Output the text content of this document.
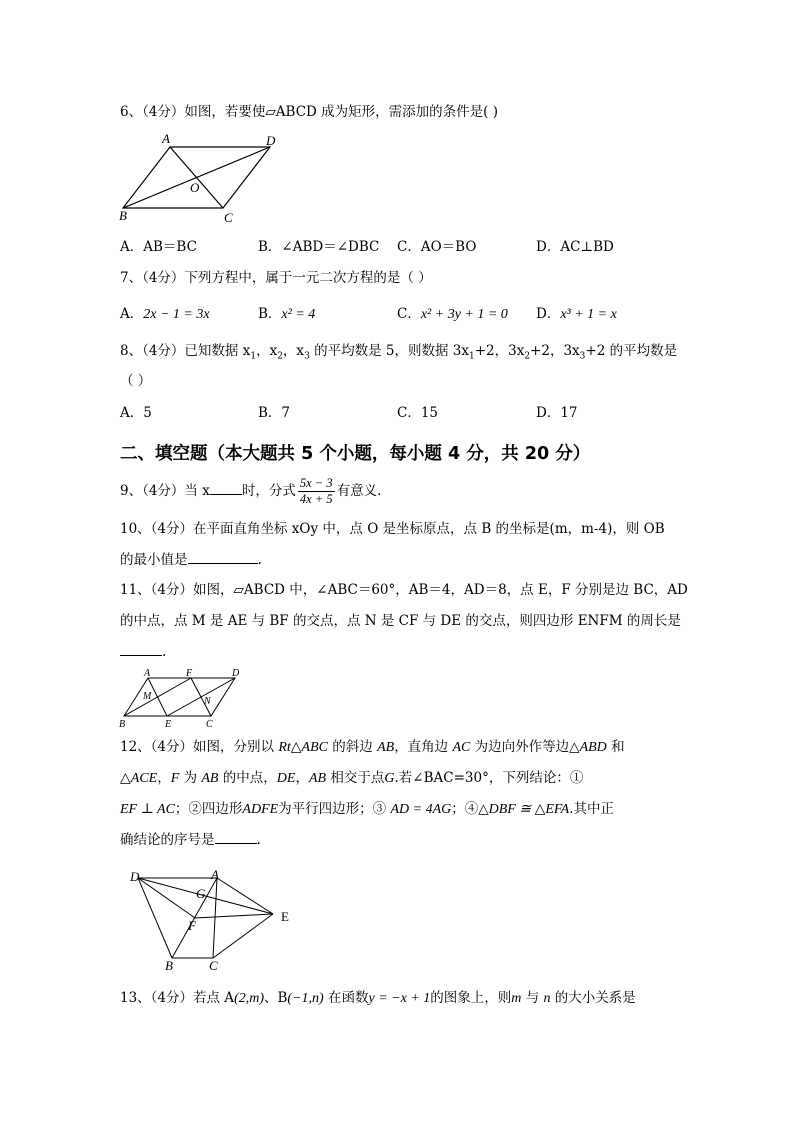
6、（4分）如图，若要使▱ABCD 成为矩形，需添加的条件是( )
A	D
O
B	C
A．AB＝BC	B．∠ABD＝∠DBC C．AO＝BO	D．AC⊥BD
7、（4分）下列方程中，属于一元二次方程的是（ ）
A．2x − 1 = 3x	B．x² = 4	C．x² + 3y + 1 = 0 D．x³ + 1 = x
8、（4分）已知数据 $x_1$，$x_2$，$x_3$ 的平均数是 5，则数据 $3x_1+2$，$3x_2+2$，$3x_3+2$ 的平均数是
（ ）
A．5	B．7	C．15	D．17
二、填空题（本大题共 5 个小题，每小题 4 分，共 20 分）
9、（4分）当 x 时，分式 $\frac{5x - 3}{4x + 5}$ 有意义.
10、（4分）在平面直角坐标 xOy 中，点 O 是坐标原点，点 B 的坐标是(m，m-4)，则 OB
的最小值是	.
11、（4分）如图，▱ABCD 中，∠ABC＝60°，AB＝4，AD＝8，点 E，F 分别是边 BC，AD
的中点，点 M 是 AE 与 BF 的交点，点 N 是 CF 与 DE 的交点，则四边形 ENFM 的周长是
.
A	F	D
M	N
B	E	C
12、（4分）如图，分别以 Rt△ABC 的斜边 AB，直角边 AC 为边向外作等边△ABD 和
△ACE，F 为 AB 的中点，DE，AB 相交于点G.若∠BAC=30°，下列结论：①
EF ⊥ AC；②四边形ADFE为平行四边形；③ AD = 4AG；④△DBF ≅ △EFA.其中正
确结论的序号是	.
D	A
G
E
F
B	C
13、（4分）若点 A(2,m)、B(−1,n) 在函数y = −x + 1的图象上，则m 与 n 的大小关系是
